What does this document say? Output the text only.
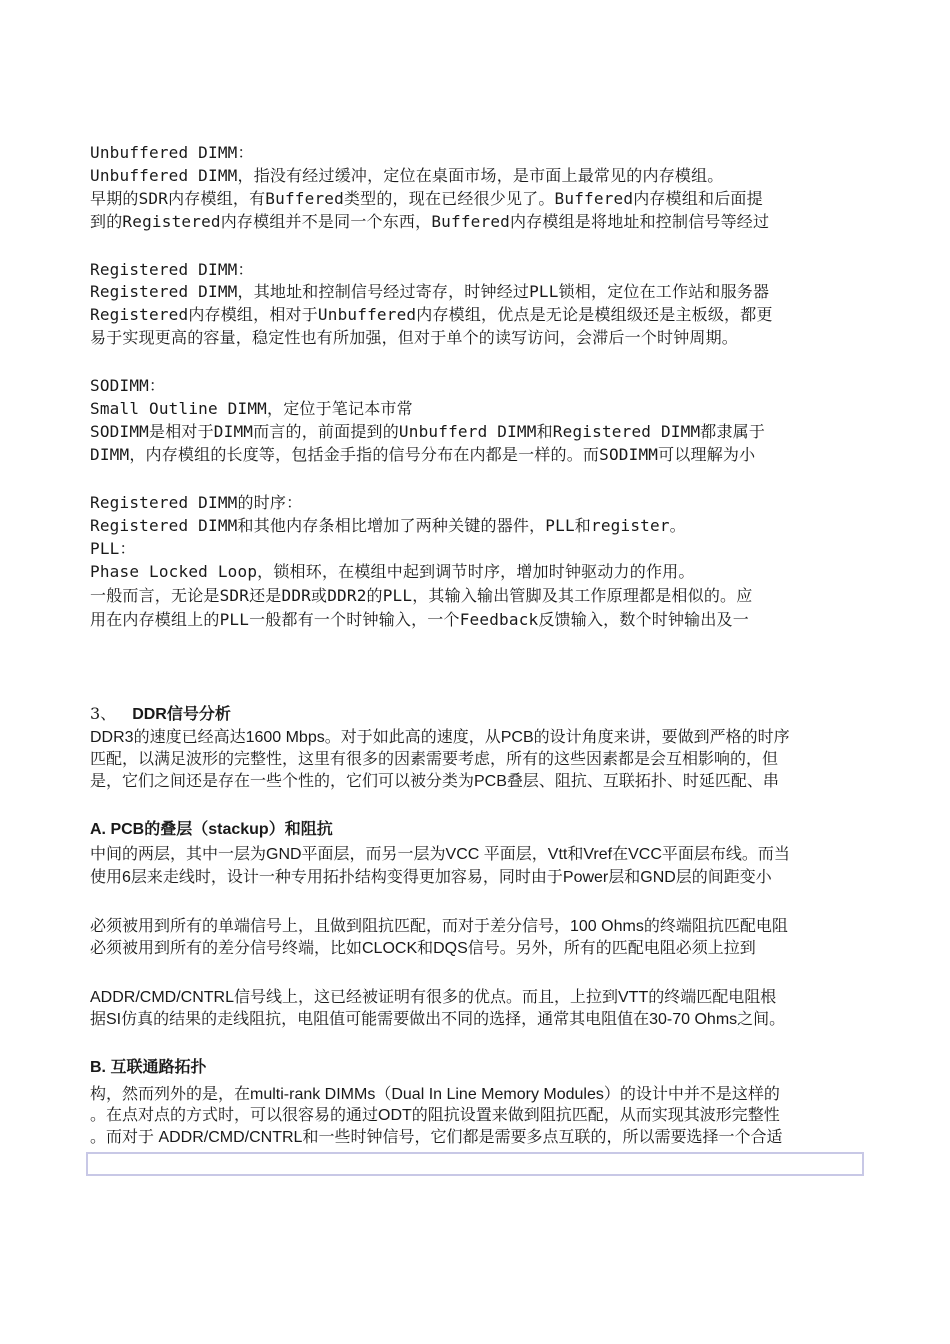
Unbuffered DIMM：
Unbuffered DIMM，指没有经过缓冲，定位在桌面市场，是市面上最常见的内存模组。
早期的SDR内存模组，有Buffered类型的，现在已经很少见了。Buffered内存模组和后面提
到的Registered内存模组并不是同一个东西，Buffered内存模组是将地址和控制信号等经过
Registered DIMM：
Registered DIMM，其地址和控制信号经过寄存，时钟经过PLL锁相，定位在工作站和服务器
Registered内存模组，相对于Unbuffered内存模组，优点是无论是模组级还是主板级，都更
易于实现更高的容量，稳定性也有所加强，但对于单个的读写访问，会滞后一个时钟周期。
SODIMM：
Small Outline DIMM，定位于笔记本市常
SODIMM是相对于DIMM而言的，前面提到的Unbufferd DIMM和Registered DIMM都隶属于
DIMM，内存模组的长度等，包括金手指的信号分布在内都是一样的。而SODIMM可以理解为小
Registered DIMM的时序：
Registered DIMM和其他内存条相比增加了两种关键的器件，PLL和register。
PLL：
Phase Locked Loop，锁相环，在模组中起到调节时序，增加时钟驱动力的作用。
一般而言，无论是SDR还是DDR或DDR2的PLL，其输入输出管脚及其工作原理都是相似的。应
用在内存模组上的PLL一般都有一个时钟输入，一个Feedback反馈输入，数个时钟输出及一
3、 DDR信号分析
DDR3的速度已经高达1600 Mbps。对于如此高的速度，从PCB的设计角度来讲，要做到严格的时序
匹配，以满足波形的完整性，这里有很多的因素需要考虑，所有的这些因素都是会互相影响的，但
是，它们之间还是存在一些个性的，它们可以被分类为PCB叠层、阻抗、互联拓扑、时延匹配、串
A. PCB的叠层（stackup）和阻抗
中间的两层，其中一层为GND平面层，而另一层为VCC 平面层，Vtt和Vref在VCC平面层布线。而当
使用6层来走线时，设计一种专用拓扑结构变得更加容易，同时由于Power层和GND层的间距变小
必须被用到所有的单端信号上，且做到阻抗匹配，而对于差分信号，100 Ohms的终端阻抗匹配电阻
必须被用到所有的差分信号终端，比如CLOCK和DQS信号。另外，所有的匹配电阻必须上拉到
ADDR/CMD/CNTRL信号线上，这已经被证明有很多的优点。而且，上拉到VTT的终端匹配电阻根
据SI仿真的结果的走线阻抗，电阻值可能需要做出不同的选择，通常其电阻值在30-70 Ohms之间。
B. 互联通路拓扑
构，然而列外的是，在multi-rank DIMMs（Dual In Line Memory Modules）的设计中并不是这样的
。在点对点的方式时，可以很容易的通过ODT的阻抗设置来做到阻抗匹配，从而实现其波形完整性
。而对于 ADDR/CMD/CNTRL和一些时钟信号，它们都是需要多点互联的，所以需要选择一个合适
